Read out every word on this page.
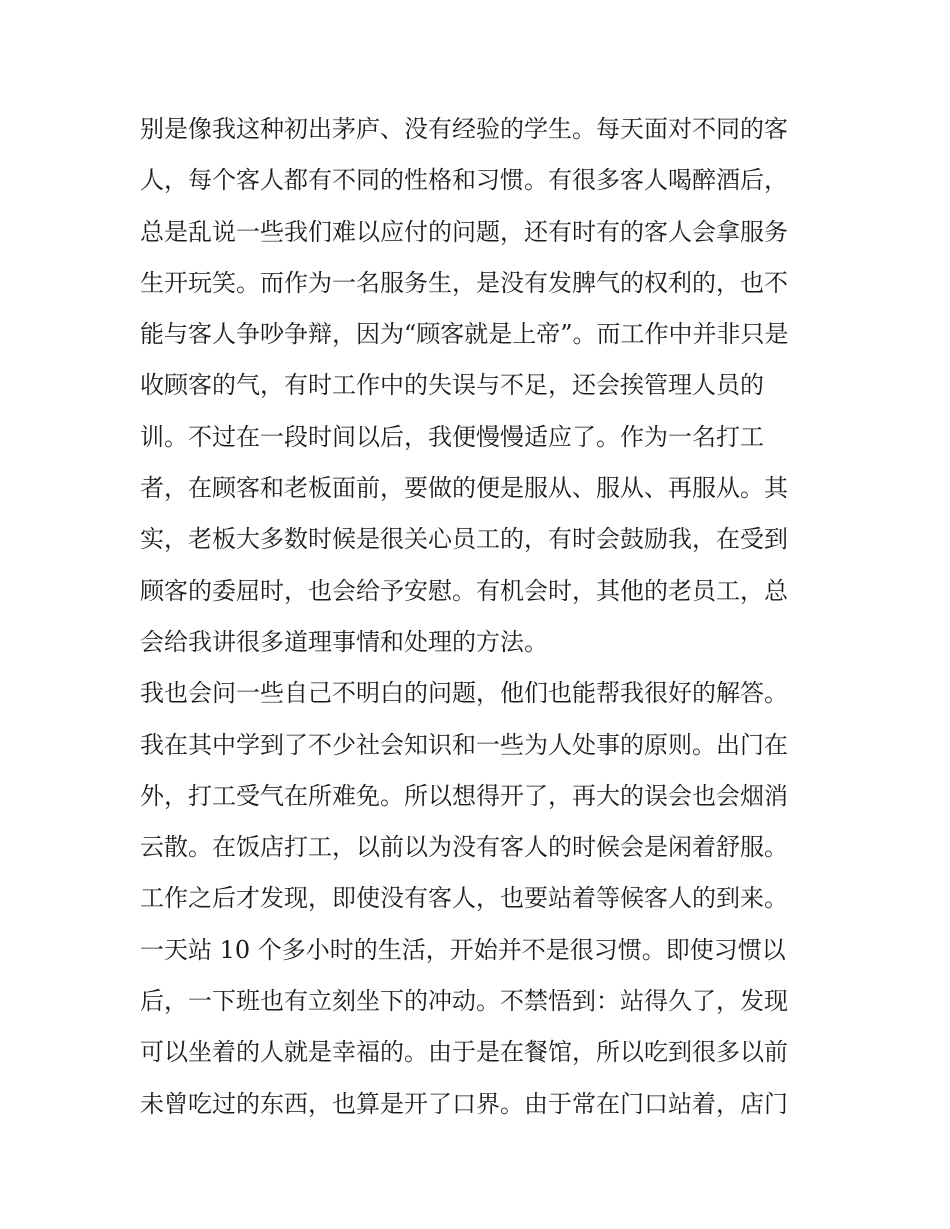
别是像我这种初出茅庐、没有经验的学生。每天面对不同的客
人，每个客人都有不同的性格和习惯。有很多客人喝醉酒后，
总是乱说一些我们难以应付的问题，还有时有的客人会拿服务
生开玩笑。而作为一名服务生，是没有发脾气的权利的，也不
能与客人争吵争辩，因为“顾客就是上帝”。而工作中并非只是
收顾客的气，有时工作中的失误与不足，还会挨管理人员的
训。不过在一段时间以后，我便慢慢适应了。作为一名打工
者，在顾客和老板面前，要做的便是服从、服从、再服从。其
实，老板大多数时候是很关心员工的，有时会鼓励我，在受到
顾客的委屈时，也会给予安慰。有机会时，其他的老员工，总
会给我讲很多道理事情和处理的方法。
我也会问一些自己不明白的问题，他们也能帮我很好的解答。
我在其中学到了不少社会知识和一些为人处事的原则。出门在
外，打工受气在所难免。所以想得开了，再大的误会也会烟消
云散。在饭店打工，以前以为没有客人的时候会是闲着舒服。
工作之后才发现，即使没有客人，也要站着等候客人的到来。
一天站 10 个多小时的生活，开始并不是很习惯。即使习惯以
后，一下班也有立刻坐下的冲动。不禁悟到：站得久了，发现
可以坐着的人就是幸福的。由于是在餐馆，所以吃到很多以前
未曾吃过的东西，也算是开了口界。由于常在门口站着，店门
